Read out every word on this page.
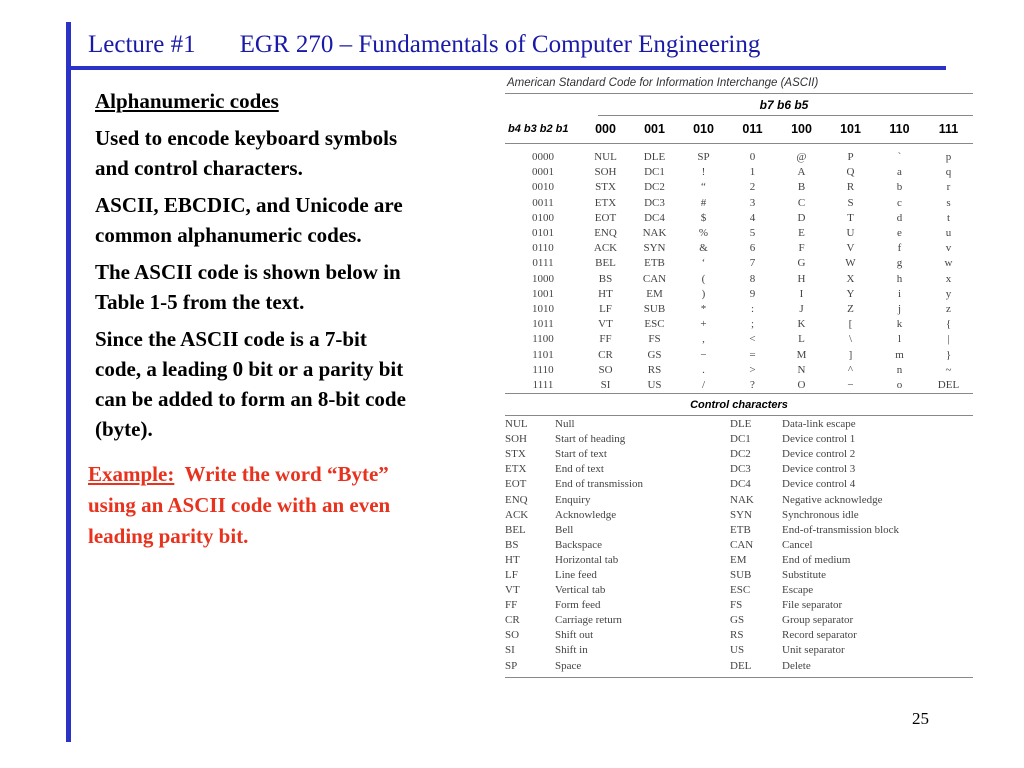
Lecture #1 EGR 270 – Fundamentals of Computer Engineering

Alphanumeric codes

Used to encode keyboard symbols
and control characters.

ASCII, EBCDIC, and Unicode are
common alphanumeric codes.

The ASCII code is shown below in
Table 1-5 from the text.

Since the ASCII code is a 7-bit
code, a leading 0 bit or a parity bit
can be added to form an 8-bit code
(byte).

Example: Write the word “Byte”

using an ASCII code with an even

leading parity bit.

American Standard Code for Information Interchange (ASCII)
b7 b6 b5
b4 b3 b2 b1	000	001	010	011	100	101	110	111
0000	NUL	DLE	SP	0	@	P	`	p
0001	SOH	DC1	!	1	A	Q	a	q
0010	STX	DC2	“	2	B	R	b	r
0011	ETX	DC3	#	3	C	S	c	s
0100	EOT	DC4	$	4	D	T	d	t
0101	ENQ	NAK	%	5	E	U	e	u
0110	ACK	SYN	&	6	F	V	f	v
0111	BEL	ETB	‘	7	G	W	g	w
1000	BS	CAN	(	8	H	X	h	x
1001	HT	EM	)	9	I	Y	i	y
1010	LF	SUB	*	:	J	Z	j	z
1011	VT	ESC	+	;	K	[	k	{
1100	FF	FS	,	<	L	\	l	|
1101	CR	GS	−	=	M	]	m	}
1110	SO	RS	.	>	N	^	n	~
1111	SI	US	/	?	O	−	o	DEL
Control characters
NUL	Null	DLE	Data-link escape
SOH	Start of heading	DC1	Device control 1
STX	Start of text	DC2	Device control 2
ETX	End of text	DC3	Device control 3
EOT	End of transmission	DC4	Device control 4
ENQ	Enquiry	NAK	Negative acknowledge
ACK	Acknowledge	SYN	Synchronous idle
BEL	Bell	ETB	End-of-transmission block
BS	Backspace	CAN	Cancel
HT	Horizontal tab	EM	End of medium
LF	Line feed	SUB	Substitute
VT	Vertical tab	ESC	Escape
FF	Form feed	FS	File separator
CR	Carriage return	GS	Group separator
SO	Shift out	RS	Record separator
SI	Shift in	US	Unit separator
SP	Space	DEL	Delete
25
